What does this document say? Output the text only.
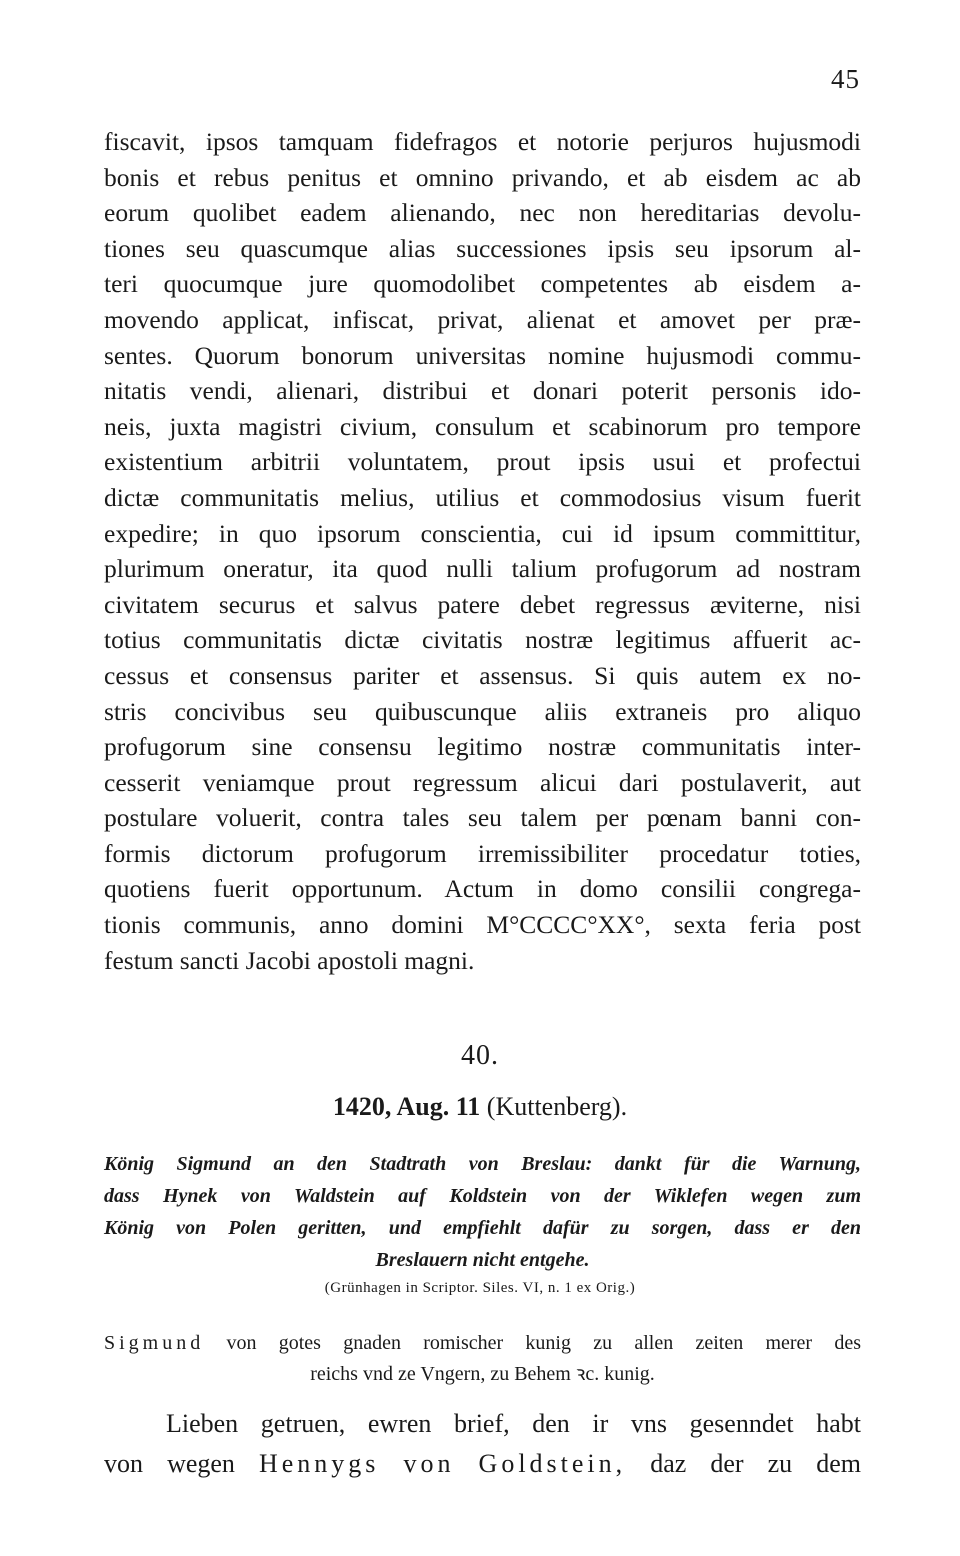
45
fiscavit, ipsos tamquam fidefragos et notorie perjuros hujusmodi
bonis et rebus penitus et omnino privando, et ab eisdem ac ab
eorum quolibet eadem alienando, nec non hereditarias devolu-
tiones seu quascumque alias successiones ipsis seu ipsorum al-
teri quocumque jure quomodolibet competentes ab eisdem a-
movendo applicat, infiscat, privat, alienat et amovet per præ-
sentes. Quorum bonorum universitas nomine hujusmodi commu-
nitatis vendi, alienari, distribui et donari poterit personis ido-
neis, juxta magistri civium, consulum et scabinorum pro tempore
existentium arbitrii voluntatem, prout ipsis usui et profectui
dictæ communitatis melius, utilius et commodosius visum fuerit
expedire; in quo ipsorum conscientia, cui id ipsum committitur,
plurimum oneratur, ita quod nulli talium profugorum ad nostram
civitatem securus et salvus patere debet regressus æviterne, nisi
totius communitatis dictæ civitatis nostræ legitimus affuerit ac-
cessus et consensus pariter et assensus. Si quis autem ex no-
stris concivibus seu quibuscunque aliis extraneis pro aliquo
profugorum sine consensu legitimo nostræ communitatis inter-
cesserit veniamque prout regressum alicui dari postulaverit, aut
postulare voluerit, contra tales seu talem per pœnam banni con-
formis dictorum profugorum irremissibiliter procedatur toties,
quotiens fuerit opportunum. Actum in domo consilii congrega-
tionis communis, anno domini M°CCCC°XX°, sexta feria post
festum sancti Jacobi apostoli magni.
40.
1420, Aug. 11 (Kuttenberg).
König Sigmund an den Stadtrath von Breslau: dankt für die Warnung,
dass Hynek von Waldstein auf Koldstein von der Wiklefen wegen zum
König von Polen geritten, und empfiehlt dafür zu sorgen, dass er den
Breslauern nicht entgehe.
(Grünhagen in Scriptor. Siles. VI, n. 1 ex Orig.)
Sigmund von gotes gnaden romischer kunig zu allen zeiten merer des
reichs vnd ze Vngern, zu Behem ꝛc. kunig.
Lieben getruen, ewren brief, den ir vns gesenndet habt
von wegen Hennygs von Goldstein, daz der zu dem
